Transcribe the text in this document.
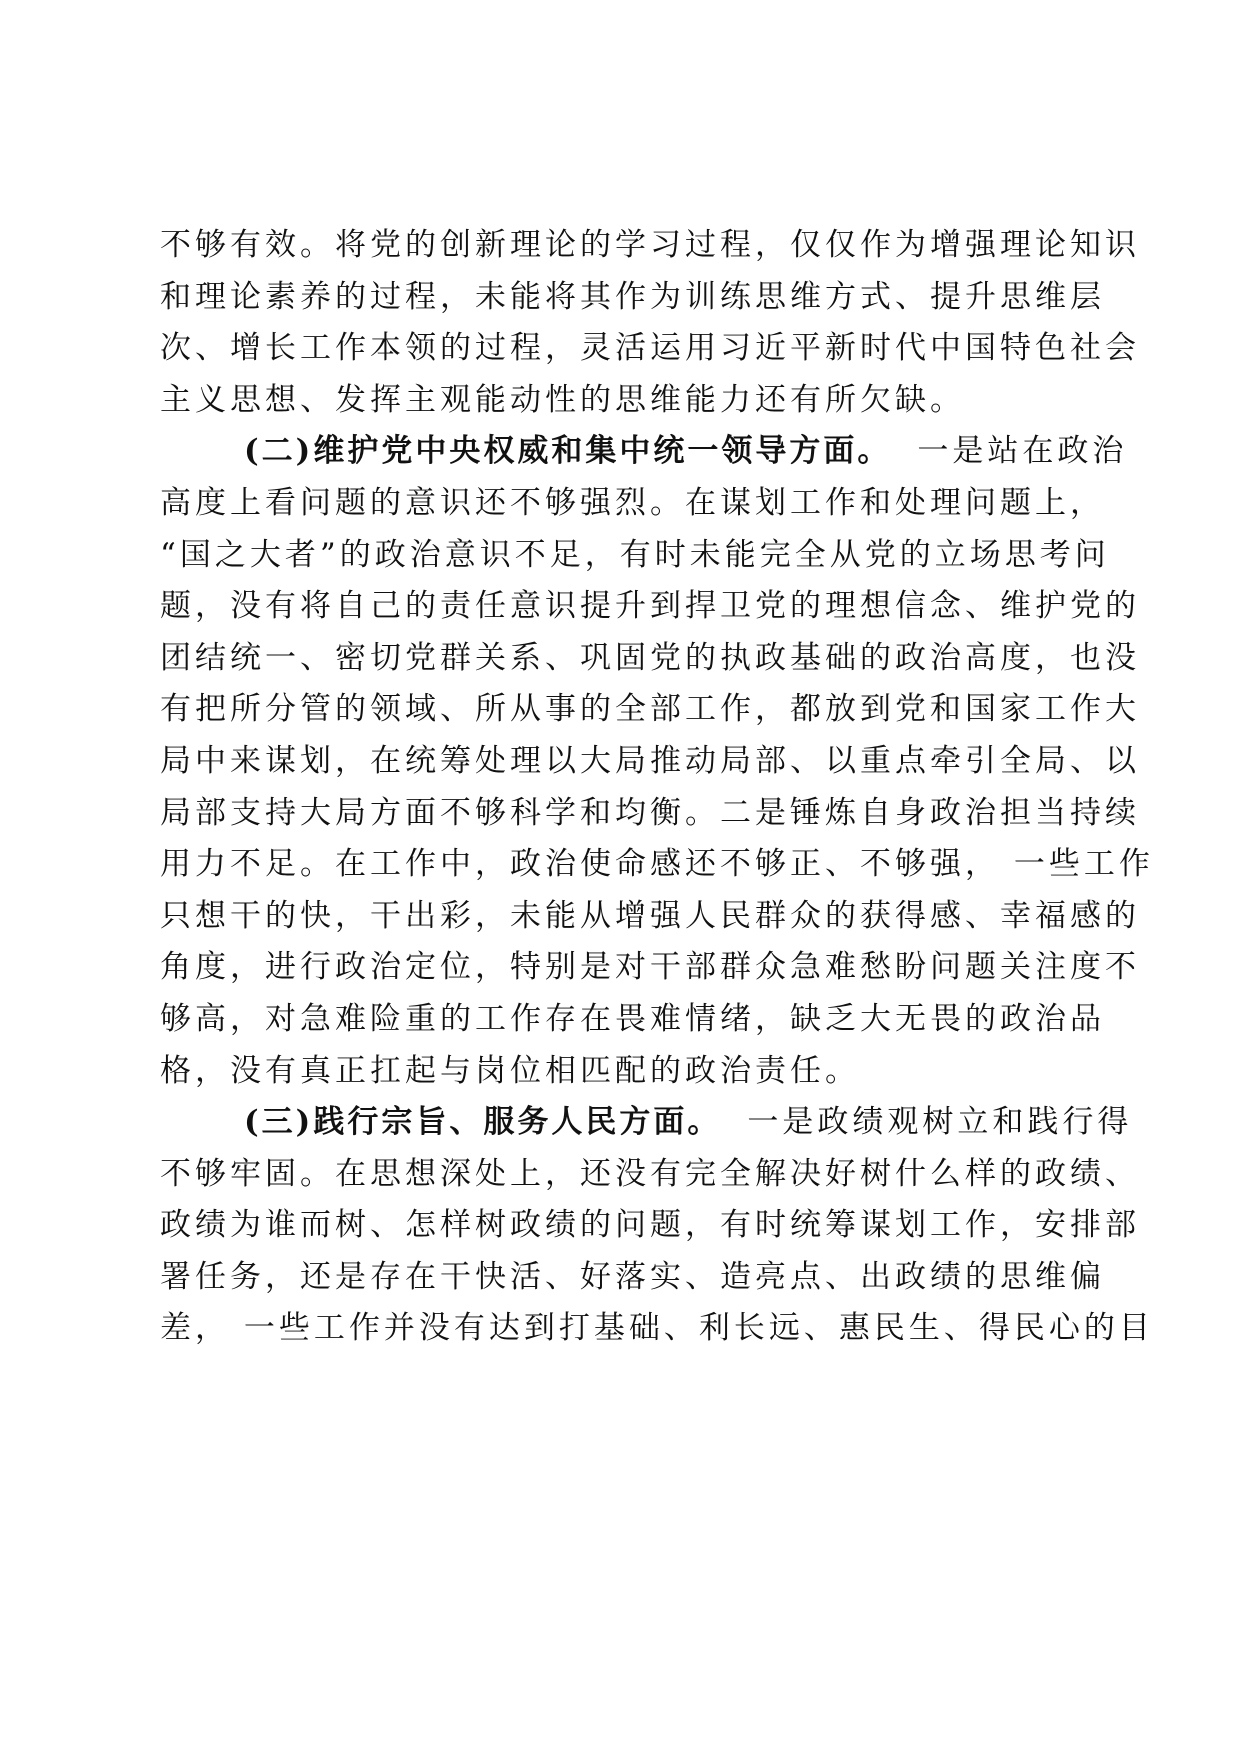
不够有效。将党的创新理论的学习过程，仅仅作为增强理论知识
和理论素养的过程，未能将其作为训练思维方式、提升思维层
次、增长工作本领的过程，灵活运用习近平新时代中国特色社会
主义思想、发挥主观能动性的思维能力还有所欠缺。
(二)维护党中央权威和集中统一领导方面。 一是站在政治
高度上看问题的意识还不够强烈。在谋划工作和处理问题上，
“国之大者”的政治意识不足，有时未能完全从党的立场思考问
题，没有将自己的责任意识提升到捍卫党的理想信念、维护党的
团结统一、密切党群关系、巩固党的执政基础的政治高度，也没
有把所分管的领域、所从事的全部工作，都放到党和国家工作大
局中来谋划，在统筹处理以大局推动局部、以重点牵引全局、以
局部支持大局方面不够科学和均衡。二是锤炼自身政治担当持续
用力不足。在工作中，政治使命感还不够正、不够强， 一些工作
只想干的快，干出彩，未能从增强人民群众的获得感、幸福感的
角度，进行政治定位，特别是对干部群众急难愁盼问题关注度不
够高，对急难险重的工作存在畏难情绪，缺乏大无畏的政治品
格，没有真正扛起与岗位相匹配的政治责任。
(三)践行宗旨、服务人民方面。 一是政绩观树立和践行得
不够牢固。在思想深处上，还没有完全解决好树什么样的政绩、
政绩为谁而树、怎样树政绩的问题，有时统筹谋划工作，安排部
署任务，还是存在干快活、好落实、造亮点、出政绩的思维偏
差， 一些工作并没有达到打基础、利长远、惠民生、得民心的目
